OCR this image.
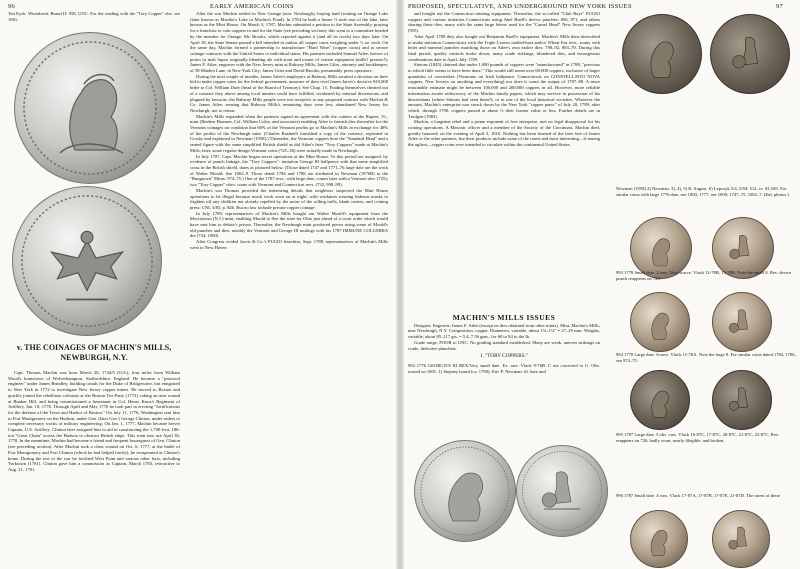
96	EARLY AMERICAN COINS

Ten Eyck. Wurtzbach, Brand II: 958, UNC. For the reading with the "Tory Copper" obv. see 1001.

v. THE COINAGES OF MACHIN'S MILLS, NEWBURGH, N.Y.

Capt. Thomas Machin was born March 20, 1744/5 (O.S.), four miles from William Wood's hometown of Wolverhampton, Staffordshire, England. He became a "practical engineer" under James Brindley, building canals for the Duke of Bridgewater, but emigrated to New York in 1772 to investigate New Jersey copper mines. He moved to Boston and quickly joined the rebellious colonists at the Boston Tea Party (1773), taking an arm wound at Bunker Hill, and being commissioned a lieutenant in Col. Henry Knox's Regiment of Artillery, Jan. 18, 1776. Through April and May 1776 he took part in erecting "fortifications for the defense of the Town and Harbor of Boston." On July 11, 1776, Washington sent him to Fort Montgomery on the Hudson, under Gen. (later Gov.) George Clinton, under orders to complete necessary works of military engineering. On Jan. 1, 1777, Machin became brevet Captain, U.S. Artillery. Clinton later assigned him to aid in constructing the 1,700-foot, 186-ton "Great Chain" across the Hudson to obstruct British ships. This went into use April 30, 1778. In the meantime, Machin had become a friend and frequent houseguest of Gen. Clinton (see preceding section). After Machin took a chest wound on Oct. 6, 1777, at the battle of Fort Montgomery and Fort Clinton (which he had helped fortify), he recuperated at Clinton's home. During the rest of the war he fortified West Point and various other forts, including Yorktown (1781). Clinton gave him a commission as Captain, March 1783, retroactive to Aug. 21, 1781.

After the war Machin settled in New Grange (now Newburgh), buying land fronting on Orange Lake (later known as Machin's Lake or Machin's Pond). In 1784 he built a house ½ mile east of the lake, later known as the Mint House. On March 3, 1787, Machin submitted a petition to the State Assembly, praying for a franchise to coin coppers in and for the State (see preceding section); this went to a committee headed by the member for Orange, Mr. Brooks, which reported against it (and all its rivals) two days later. On April 18, the State Senate passed a bill intended to outlaw all copper coins weighing under ⅓ oz. each. On the same day, Machin formed a partnership to manufacture "Hard Ware" (copper coins) and to secure coinage contracts with the United States or individual states. His partners included Samuel Atlee, brewer of porter (a malt liquor originally blending ale with stout and owner of certain equipment (mills? presses?); James F. Atlee, engraver with the New Jersey mint at Rahway Mills; James Giles, attorney and bookkeeper, of 58 Maiden Lane, in New York City; James Grier and David Brooks, presumably press operators.

During the next couple of months, James Atlee's employers at Rahway Mills awaited a decision on their bid to make copper coins for the federal government, unaware of their rival James Jarvis's decisive $10,000 bribe to Col. William Duer (head of the Board of Treasury). See Chap. 15. Finding themselves cheated out of a contract they above among local minters could have fulfilled, weakened by internal dissensions, and plagued by lawsuits, the Rahway Mills people were not receptive to any proposed contract with Machin & Co. James Atlee, sensing that Rahway Mills's remaining days were few, abandoned New Jersey for Newburgh, not to return.

Machin's Mills expanded when the partners signed an agreement with the coiners at the Rupert, Vt., mint (Reuben Harmon, Col. William Coley, and associates) enabling Atlee to furnish dies thereafter for the Vermont coinages on condition that 60% of the Vermont profits go to Machin's Mills in exchange for 40% of the profits of the Newburgh mint. (Charles Bushnell furnished a copy of the contract, reprinted in Crosby and explained in Newman [1958].) Thereafter, the Vermont coppers bore the "Standard Head" and a seated figure with the same simplified British shield as did Atlee's later "Tory Coppers" made at Machin's Mills; later, some regular-design Vermont coins (725–36) were actually made in Newburgh.

In July 1787, Capt. Machin began secret operations at the Mint House. To this period are assigned, by evidence of punch linkage, the "Tory Coppers": imitation George III halfpence with that same simplified cross in the British shield, dates as pictured below. (Those dated 1747 and 1771–76 large date are the work of Walter Mould: See 1002–9. Those dated 1784 and 1786 are attributed in Newman (1976B) to the "Bungtown" Mints: 974–75.) One of the 1787 revs., with large date, comes later with a Vermont obv. (725); two "Tory Copper" obvs. come with Vermont and Connecticut revs. (732, 998–99).

Machin's son Thomas provided the interesting details that neighbors suspected the Mint House operations to be illegal because much work went on at night, with workmen wearing hideous masks to frighten off any children not already repelled by the noise of the rolling mills, blank cutters, and coining press: CNL 3/83, p. 826. But no law forbade private copper coinage.

In July 1789, representatives of Machin's Mills bought out Walter Mould's equipment from the Morristown (N.J.) mint, enabling Mould to flee the state for Ohio just ahead of a court order which would have sent him to debtor's prison. Thereafter, the Newburgh mint produced pieces using some of Mould's old punches and dies, notably the Vermont and George III mulings with his 1787 IMMUNE COLUMBIA die (734, 1000).

After Congress voided Jarvis & Co.'s FUGIO franchise, Sept. 1788, representatives of Machin's Mills went to New Haven

PROPOSED, SPECULATIVE, AND UNDERGROUND NEW YORK ISSUES	97

and bought out the Connecticut minting equipment. Thereafter, the so-called "Club Rays" FUGIO coppers and various imitation Connecticuts using Abel Buell's device punches: 856, 871, and others sharing these dies, many with the same large letters used for the "Camel Head" New Jersey coppers (955).

After April 1789 they also bought out Benjamin Buell's equipment. Machin's Mills then diversified to make imitation Connecticuts with the Triple Leaves mailed-bust and/or Wheat Ear revs., many with letter and numeral punches matching those on Atlee's own earlier dies: 790–92, 863–70. During this final period, quality controls broke down; many crude strikings, blundered dies, and incongruous combinations date to April–July 1789.

Sintons (1845) claimed that under 1,000 pounds of coppers were "manufactured" in 1789, "previous to which little seems to have been done." This would still mean over 60,000 coppers, exclusive of larger quantities of overstrikes (Vermonts on Irish halfpence, Connecticuts on CONSTELLATIO NOVA coppers, New Jerseys on anything and everything) nor does it count the output of 1787–88. A more reasonable estimate might be between 100,000 and 200,000 coppers in all. However, more reliable information awaits rediscovery of the Machin family papers, which may survive in possession of his descendants (where Sintons had seen them?), or in one of the local historical societies. Whatever the amount, Machin's enterprise was struck down by the New York "copper panic" of July 20, 1789, after which, through 1790, coppers passed at about ⅓ their former value or less. Further details are in Trudgen (1983).

Machin, a longtime rebel and a prime exponent of free enterprise, met no legal disapproval for his coining operations. A Masonic officer and a member of the Society of the Cincinnati, Machin died, greatly honored, on the evening of April 3, 1816. Nothing has been learned of the later fate of James Atlee or the other partners; but their products include some of the rarest and most interesting—if among the ugliest—copper coins ever intended to circulate within the continental United States.

MACHIN'S MILLS ISSUES

Designer, Engraver, James F. Atlee (except on dies obtained from other mints). Mint, Machin's Mills, near Newburgh, N.Y. Composition, copper. Diameters, variable, about 1⅛–1⅛" = 27–29 mm. Weights, variable, about 85–117 grs. = 5.4–7.56 gms., for 60 to 84 to the lb.

Grade range, POOR to UNC. No grading standard established. Many are weak, uneven strikings on crude, defective planchets.

1. "TORY COPPERS."

992 1776 GEORCIVS III REX/Very small date. Ex. rare. Vlack 9-76B. C not corrected to G. Obv. reused on 1001. 1) Stepney hoard (ca. 1790), Eric P. Newman: ill. here and

Newman (1958) 2) Newman. 3), 4), 5) R. August. 6) Lepczyk 5/4–5/84: 512, vs. $1,540. For similar coins with large 1776 date, see 1000; 1777, see 1009; 1747–75, 1002–7. (Enl. photos.)
993 1778 Small date. 2 vars. Very scarce. Vlack 12-78B, 13-78B. Note the small 8. Rev. device punch reappears on 726.
994 1778 Large date. Scarce. Vlack 11-78A. Note the large 8. For similar coins dated 1784, 1786, see 974–75.
995 1787 Large date. 5 obv. vars. Vlack 16-87C, 17-87C, 20-87C, 21-87C, 23-87C. Rev. reappears on 726, badly worn, nearly illegible, and broken.
996 1787 Small date. 4 vars. Vlack 17-87A, 17-87B, 17-87E, 21-87D. The rarest of these
